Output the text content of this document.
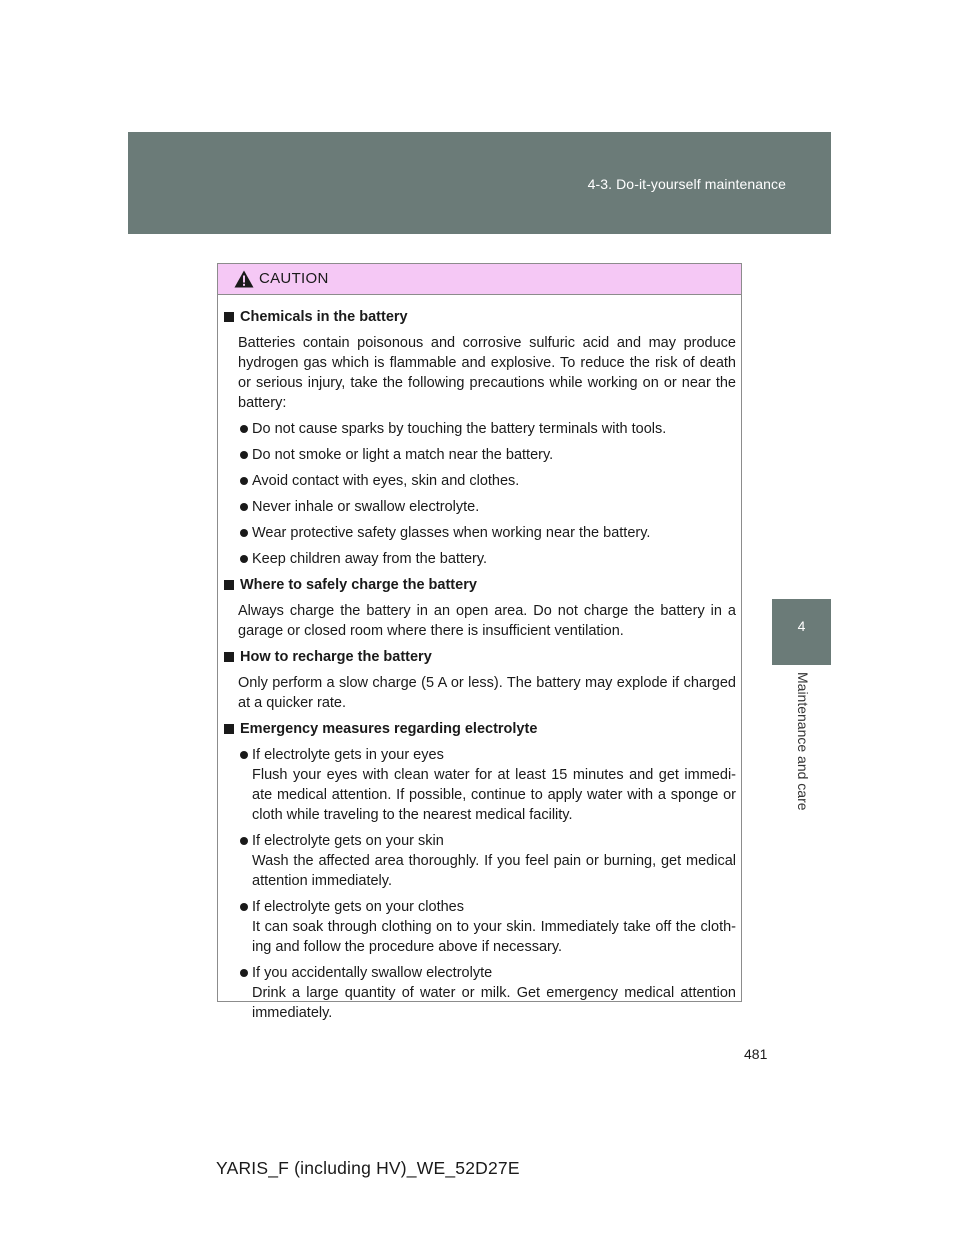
4-3. Do-it-yourself maintenance
4
Maintenance and care
CAUTION
Chemicals in the battery

Batteries contain poisonous and corrosive sulfuric acid and may produce hydrogen gas which is flammable and explosive. To reduce the risk of death or serious injury, take the following precautions while working on or near the battery:

Do not cause sparks by touching the battery terminals with tools.
Do not smoke or light a match near the battery.
Avoid contact with eyes, skin and clothes.
Never inhale or swallow electrolyte.
Wear protective safety glasses when working near the battery.
Keep children away from the battery.
Where to safely charge the battery

Always charge the battery in an open area. Do not charge the battery in a garage or closed room where there is insufficient ventilation.

How to recharge the battery

Only perform a slow charge (5 A or less). The battery may explode if charged at a quicker rate.

Emergency measures regarding electrolyte
If electrolyte gets in your eyes
Flush your eyes with clean water for at least 15 minutes and get immedi-ate medical attention. If possible, continue to apply water with a sponge or cloth while traveling to the nearest medical facility.
If electrolyte gets on your skin
Wash the affected area thoroughly. If you feel pain or burning, get medical attention immediately.
If electrolyte gets on your clothes
It can soak through clothing on to your skin. Immediately take off the cloth-ing and follow the procedure above if necessary.
If you accidentally swallow electrolyte
Drink a large quantity of water or milk. Get emergency medical attention immediately.
481
YARIS_F (including HV)_WE_52D27E
